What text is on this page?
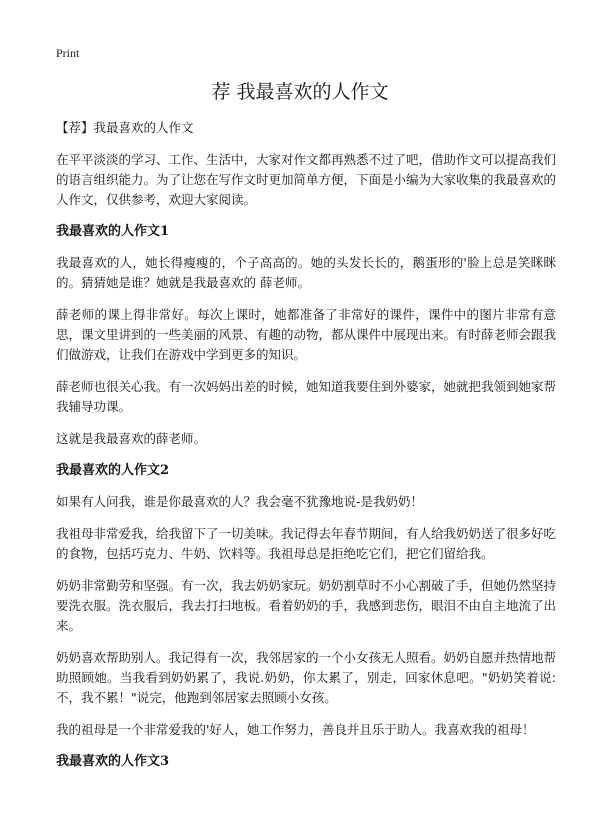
Print
荐 我最喜欢的人作文

【荐】我最喜欢的人作文

在平平淡淡的学习、工作、生活中，大家对作文都再熟悉不过了吧，借助作文可以提高我们的语言组织能力。为了让您在写作文时更加简单方便，下面是小编为大家收集的我最喜欢的人作文，仅供参考，欢迎大家阅读。

我最喜欢的人作文1

我最喜欢的人，她长得瘦瘦的，个子高高的。她的头发长长的，鹅蛋形的'脸上总是笑眯眯的。猜猜她是谁？她就是我最喜欢的 薛老师。

薛老师的课上得非常好。每次上课时，她都准备了非常好的课件，课件中的图片非常有意思，课文里讲到的一些美丽的风景、有趣的动物，都从课件中展现出来。有时薛老师会跟我们做游戏，让我们在游戏中学到更多的知识。

薛老师也很关心我。有一次妈妈出差的时候，她知道我要住到外婆家，她就把我领到她家帮我辅导功课。

这就是我最喜欢的薛老师。

我最喜欢的人作文2

如果有人问我，谁是你最喜欢的人？我会毫不犹豫地说-是我奶奶！

我祖母非常爱我，给我留下了一切美味。我记得去年春节期间，有人给我奶奶送了很多好吃的食物，包括巧克力、牛奶、饮料等。我祖母总是拒绝吃它们，把它们留给我。

奶奶非常勤劳和坚强。有一次，我去奶奶家玩。奶奶割草时不小心割破了手，但她仍然坚持要洗衣服。洗衣服后，我去打扫地板。看着奶奶的手，我感到悲伤，眼泪不由自主地流了出来。

奶奶喜欢帮助别人。我记得有一次，我邻居家的一个小女孩无人照看。奶奶自愿并热情地帮助照顾她。当我看到奶奶累了，我说.奶奶，你太累了，别走，回家休息吧。"奶奶笑着说:不，我不累！"说完，他跑到邻居家去照顾小女孩。

我的祖母是一个非常爱我的'好人，她工作努力，善良并且乐于助人。我喜欢我的祖母！

我最喜欢的人作文3
